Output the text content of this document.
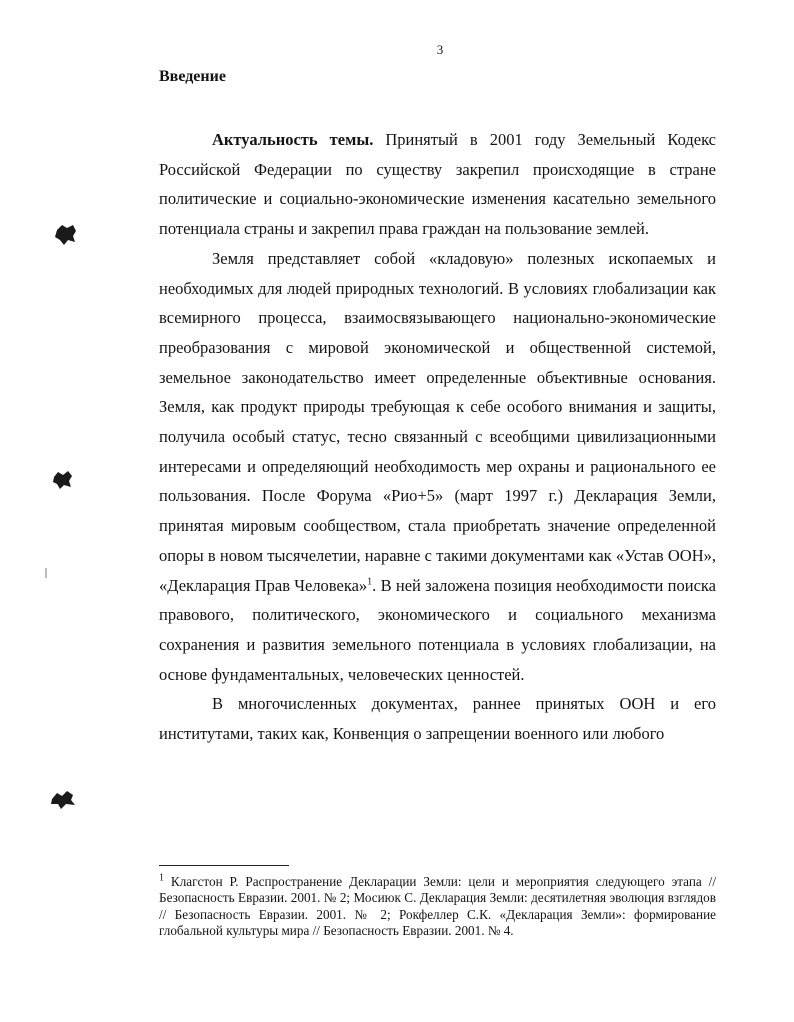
3
Введение

Актуальность темы. Принятый в 2001 году Земельный Кодекс Российской Федерации по существу закрепил происходящие в стране политические и социально-экономические изменения касательно земельного потенциала страны и закрепил права граждан на пользование землей.

Земля представляет собой «кладовую» полезных ископаемых и необходимых для людей природных технологий. В условиях глобализации как всемирного процесса, взаимосвязывающего национально-экономические преобразования с мировой экономической и общественной системой, земельное законодательство имеет определенные объективные основания. Земля, как продукт природы требующая к себе особого внимания и защиты, получила особый статус, тесно связанный с всеобщими цивилизационными интересами и определяющий необходимость мер охраны и рационального ее пользования. После Форума «Рио+5» (март 1997 г.) Декларация Земли, принятая мировым сообществом, стала приобретать значение определенной опоры в новом тысячелетии, наравне с такими документами как «Устав ООН», «Декларация Прав Человека»$^1$. В ней заложена позиция необходимости поиска правового, политического, экономического и социального механизма сохранения и развития земельного потенциала в условиях глобализации, на основе фундаментальных, человеческих ценностей.

В многочисленных документах, раннее принятых ООН и его институтами, таких как, Конвенция о запрещении военного или любого

$^1$ Клагстон Р. Распространение Декларации Земли: цели и мероприятия следующего этапа // Безопасность Евразии. 2001. № 2; Мосиюк С. Декларация Земли: десятилетняя эволюция взглядов // Безопасность Евразии. 2001. № 2; Рокфеллер С.К. «Декларация Земли»: формирование глобальной культуры мира // Безопасность Евразии. 2001. № 4.
